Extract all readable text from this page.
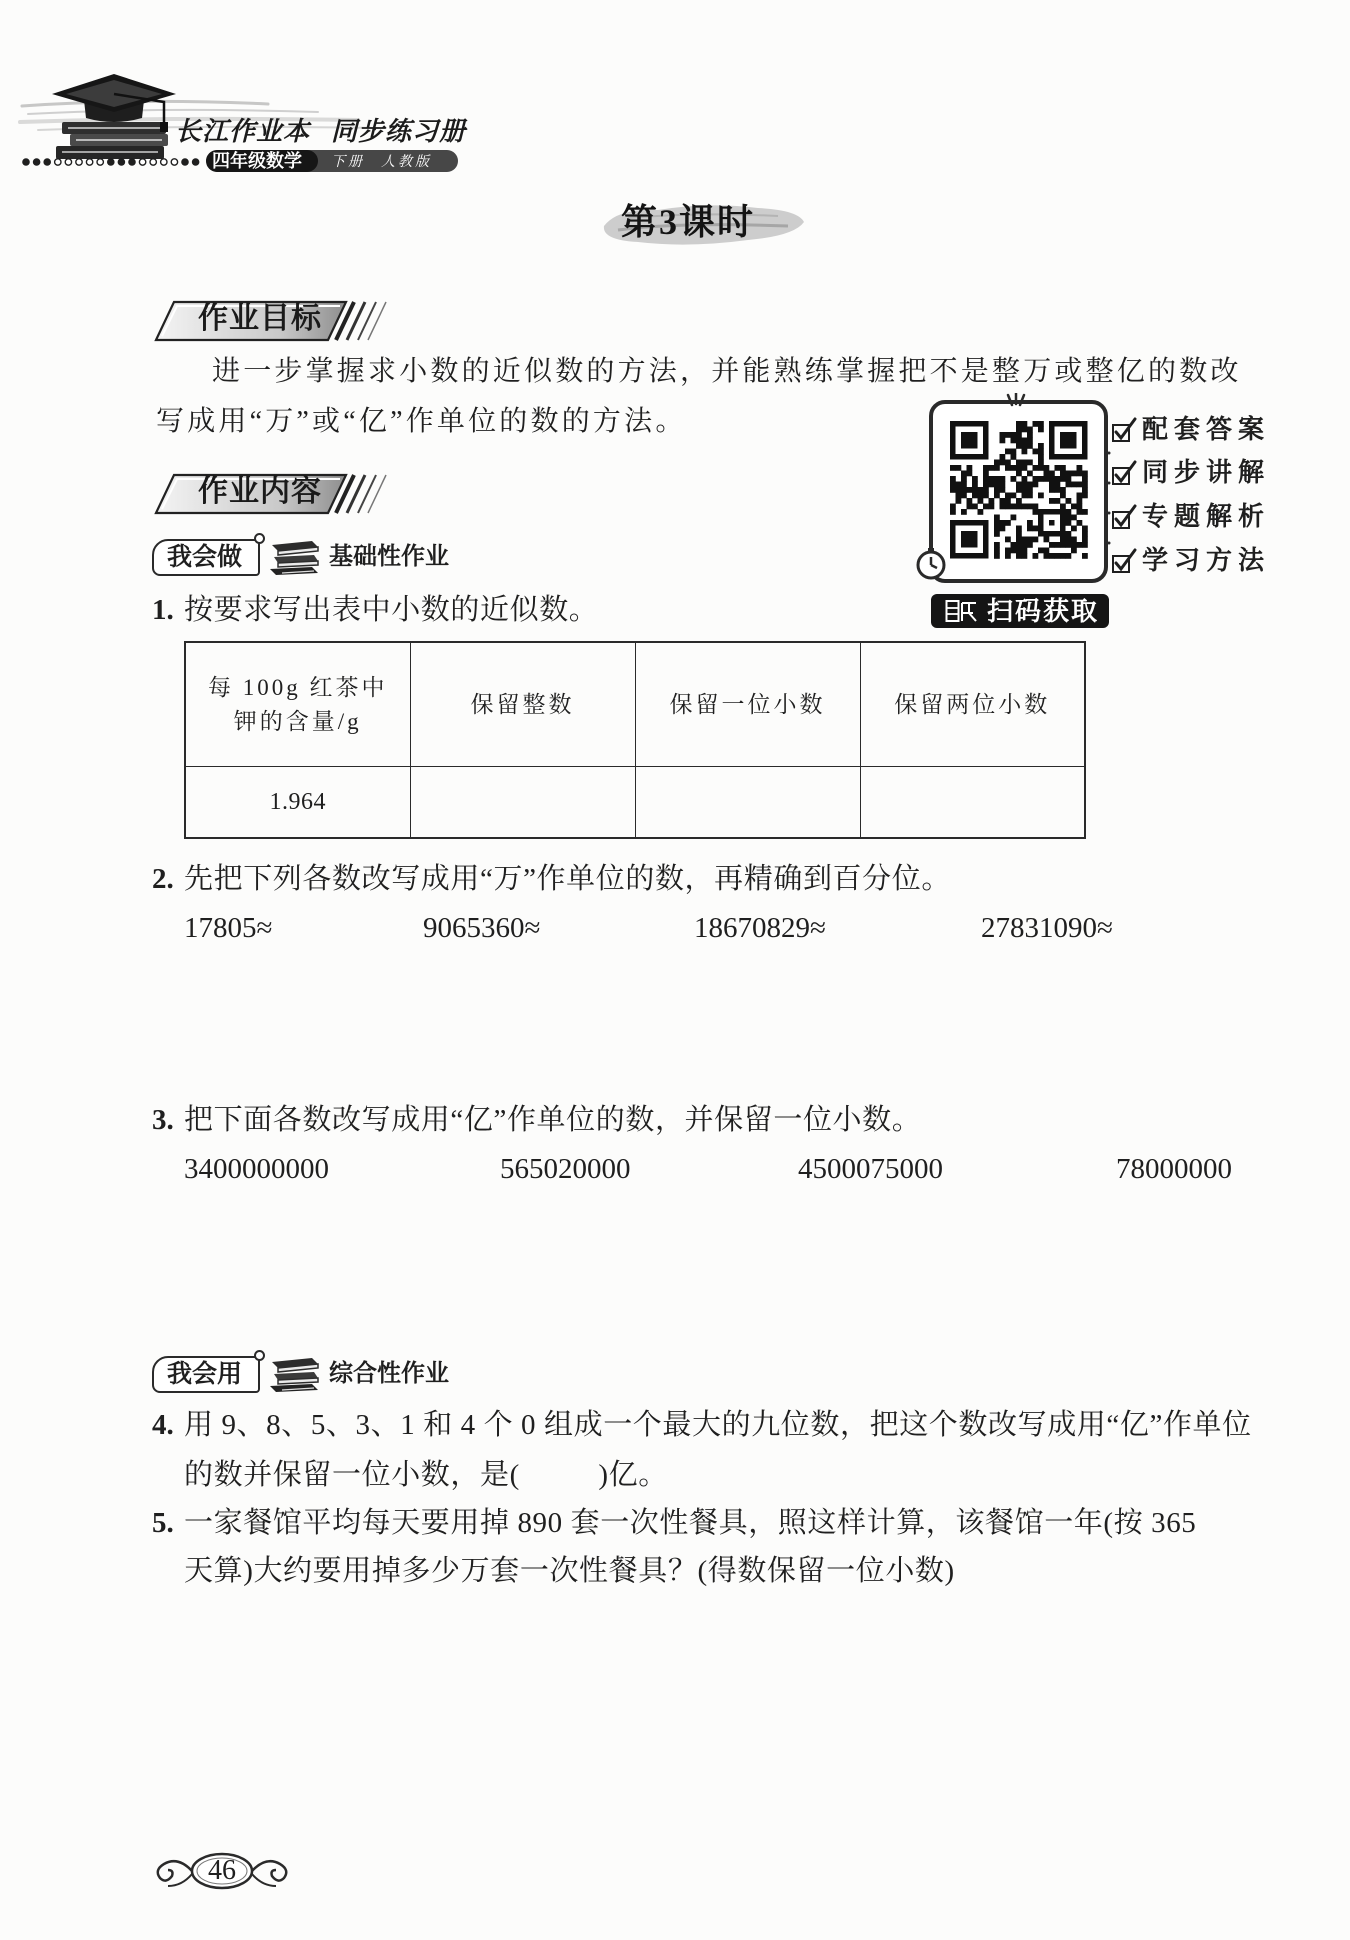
长江作业本 同步练习册
四年级数学 下册 人教版
第3课时
作业目标
进一步掌握求小数的近似数的方法，并能熟练掌握把不是整万或整亿的数改
写成用“万”或“亿”作单位的数的方法。
作业内容
我会做	基础性作业
1. 按要求写出表中小数的近似数。
每 100g 红茶中
钾的含量/g	保留整数	保留一位小数	保留两位小数
1.964			
2. 先把下列各数改写成用“万”作单位的数，再精确到百分位。
17805≈	9065360≈	18670829≈	27831090≈
3. 把下面各数改写成用“亿”作单位的数，并保留一位小数。
3400000000	565020000	4500075000	78000000
我会用	综合性作业
4. 用 9、8、5、3、1 和 4 个 0 组成一个最大的九位数，把这个数改写成用“亿”作单位
的数并保留一位小数，是(          )亿。
5. 一家餐馆平均每天要用掉 890 套一次性餐具，照这样计算，该餐馆一年(按 365
天算)大约要用掉多少万套一次性餐具？(得数保留一位小数)
扫码获取
配套答案
同步讲解
专题解析
学习方法
46
